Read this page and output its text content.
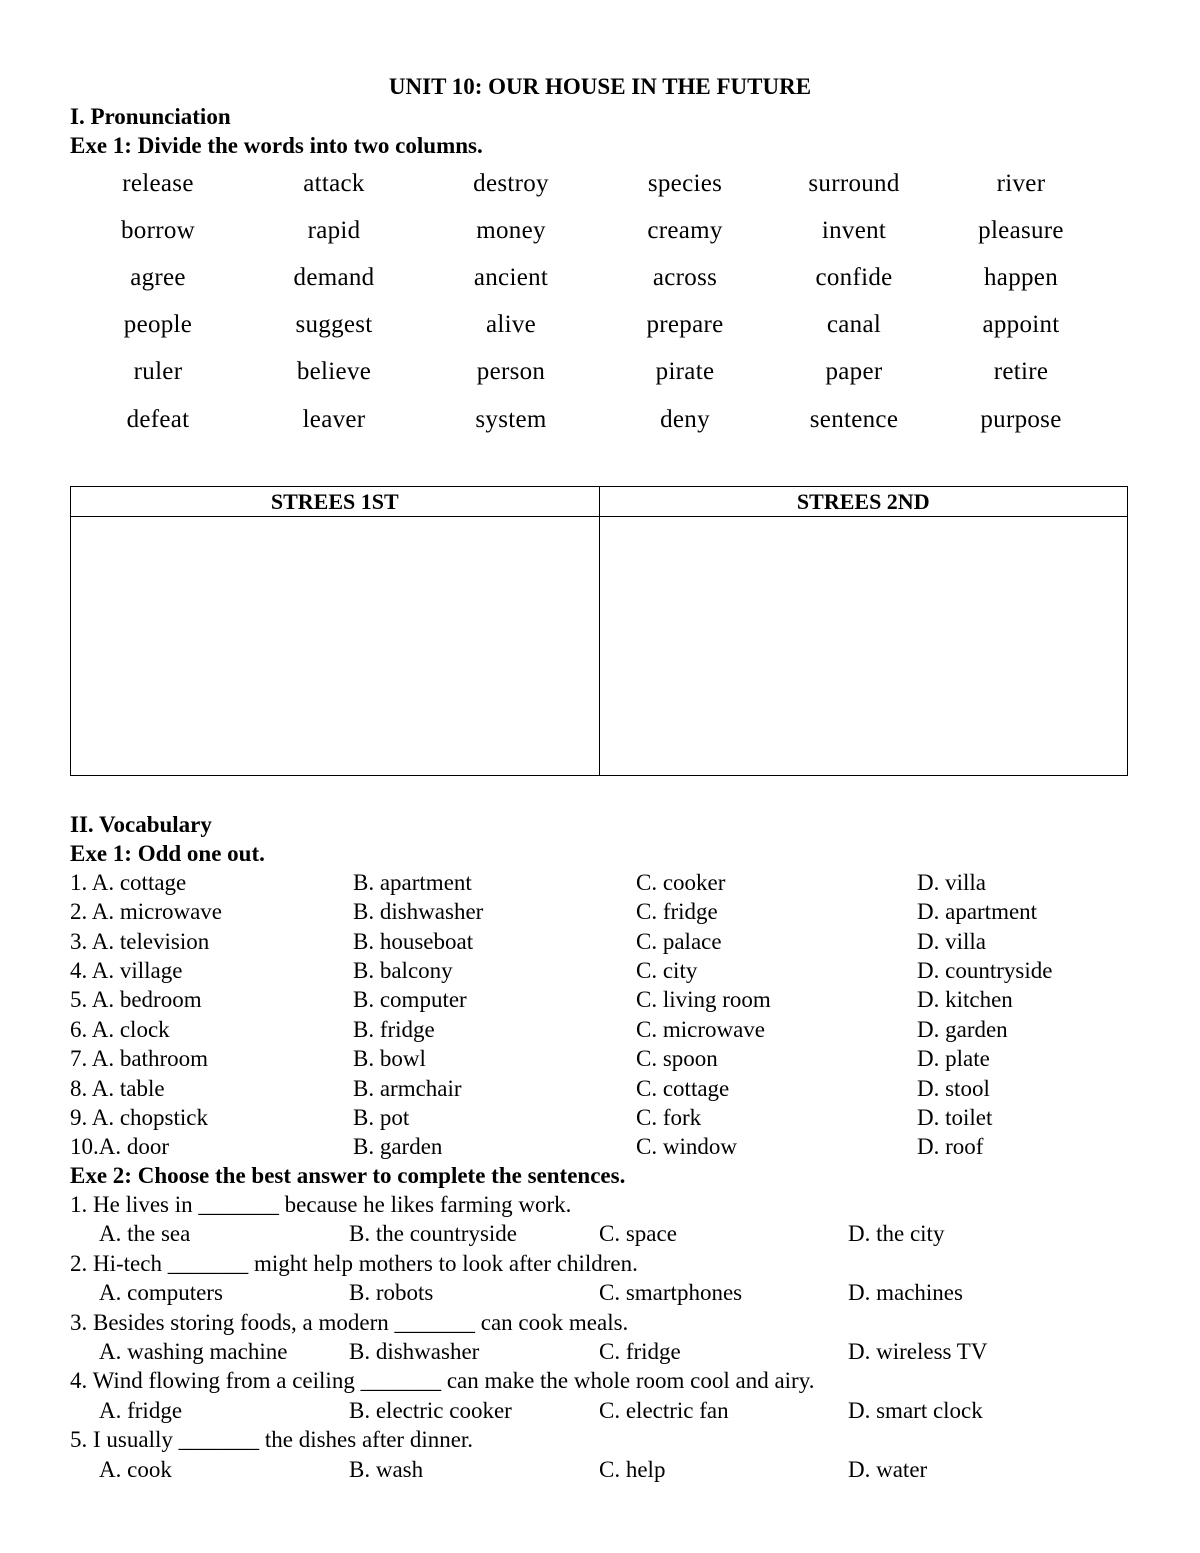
UNIT 10: OUR HOUSE IN THE FUTURE
I. Pronunciation
Exe 1: Divide the words into two columns.
release	attack	destroy	species	surround	river
borrow	rapid	money	creamy	invent	pleasure
agree	demand	ancient	across	confide	happen
people	suggest	alive	prepare	canal	appoint
ruler	believe	person	pirate	paper	retire
defeat	leaver	system	deny	sentence	purpose
STREES 1ST	STREES 2ND
II. Vocabulary
Exe 1: Odd one out.
1. A. cottage	B. apartment	C. cooker	D. villa
2. A. microwave	B. dishwasher	C. fridge	D. apartment
3. A. television	B. houseboat	C. palace	D. villa
4. A. village	B. balcony	C. city	D. countryside
5. A. bedroom	B. computer	C. living room	D. kitchen
6. A. clock	B. fridge	C. microwave	D. garden
7. A. bathroom	B. bowl	C. spoon	D. plate
8. A. table	B. armchair	C. cottage	D. stool
9. A. chopstick	B. pot	C. fork	D. toilet
10.A. door	B. garden	C. window	D. roof
Exe 2: Choose the best answer to complete the sentences.
1. He lives in _______ because he likes farming work.
A. the sea	B. the countryside	C. space	D. the city
2. Hi-tech _______ might help mothers to look after children.
A. computers	B. robots	C. smartphones	D. machines
3. Besides storing foods, a modern _______ can cook meals.
A. washing machine	B. dishwasher	C. fridge	D. wireless TV
4. Wind flowing from a ceiling _______ can make the whole room cool and airy.
A. fridge	B. electric cooker	C. electric fan	D. smart clock
5. I usually _______ the dishes after dinner.
A. cook	B. wash	C. help	D. water
